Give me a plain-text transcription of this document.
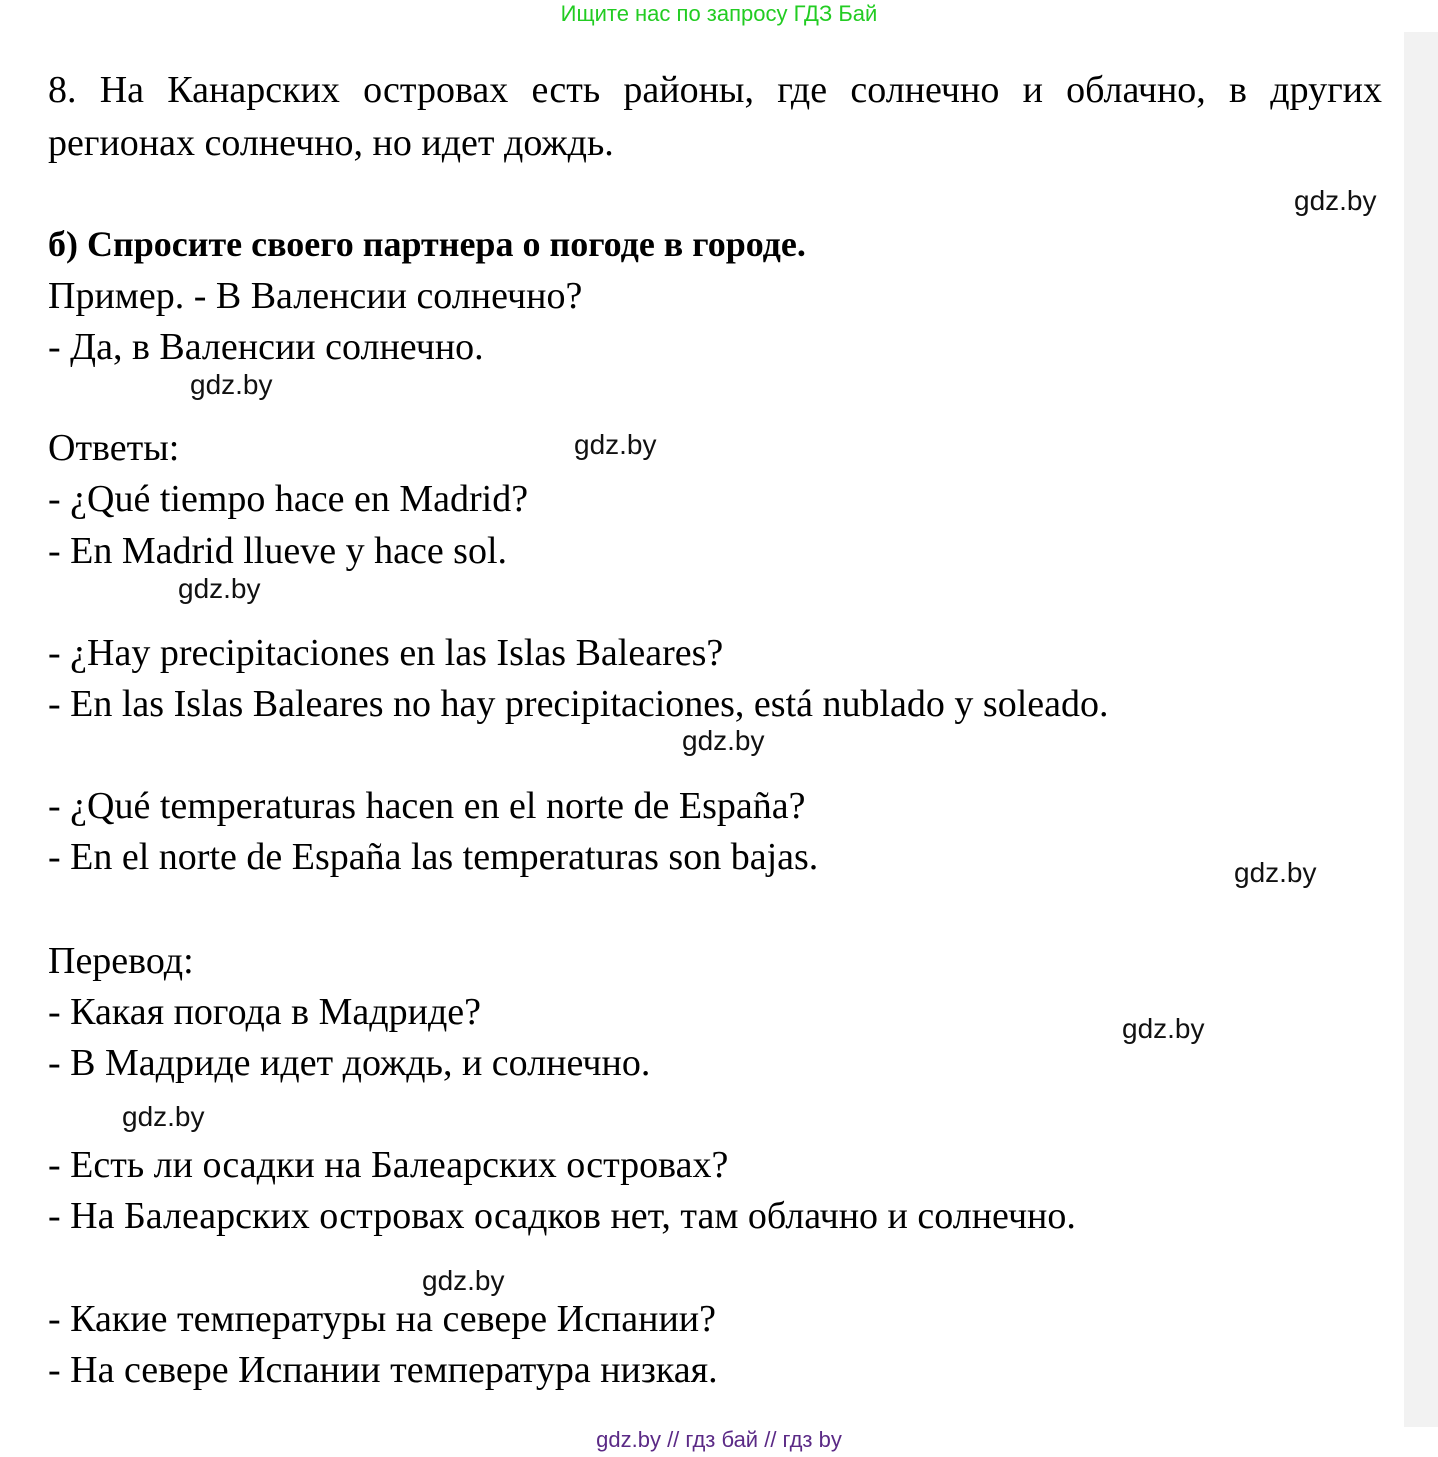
Ищите нас по запросу ГДЗ Бай
8. На Канарских островах есть районы, где солнечно и облачно, в других
регионах солнечно, но идет дождь.
gdz.by
б) Спросите своего партнера о погоде в городе.
Пример. - В Валенсии солнечно?
- Да, в Валенсии солнечно.
gdz.by
Ответы:	gdz.by
- ¿Qué tiempo hace en Madrid?
- En Madrid llueve y hace sol.
gdz.by
- ¿Hay precipitaciones en las Islas Baleares?
- En las Islas Baleares no hay precipitaciones, está nublado y soleado.
gdz.by
- ¿Qué temperaturas hacen en el norte de España?
- En el norte de España las temperaturas son bajas.	gdz.by
Перевод:
- Какая погода в Мадриде?	gdz.by
- В Мадриде идет дождь, и солнечно.
gdz.by
- Есть ли осадки на Балеарских островах?
- На Балеарских островах осадков нет, там облачно и солнечно.
gdz.by
- Какие температуры на севере Испании?
- На севере Испании температура низкая.
gdz.by // гдз бай // гдз by
